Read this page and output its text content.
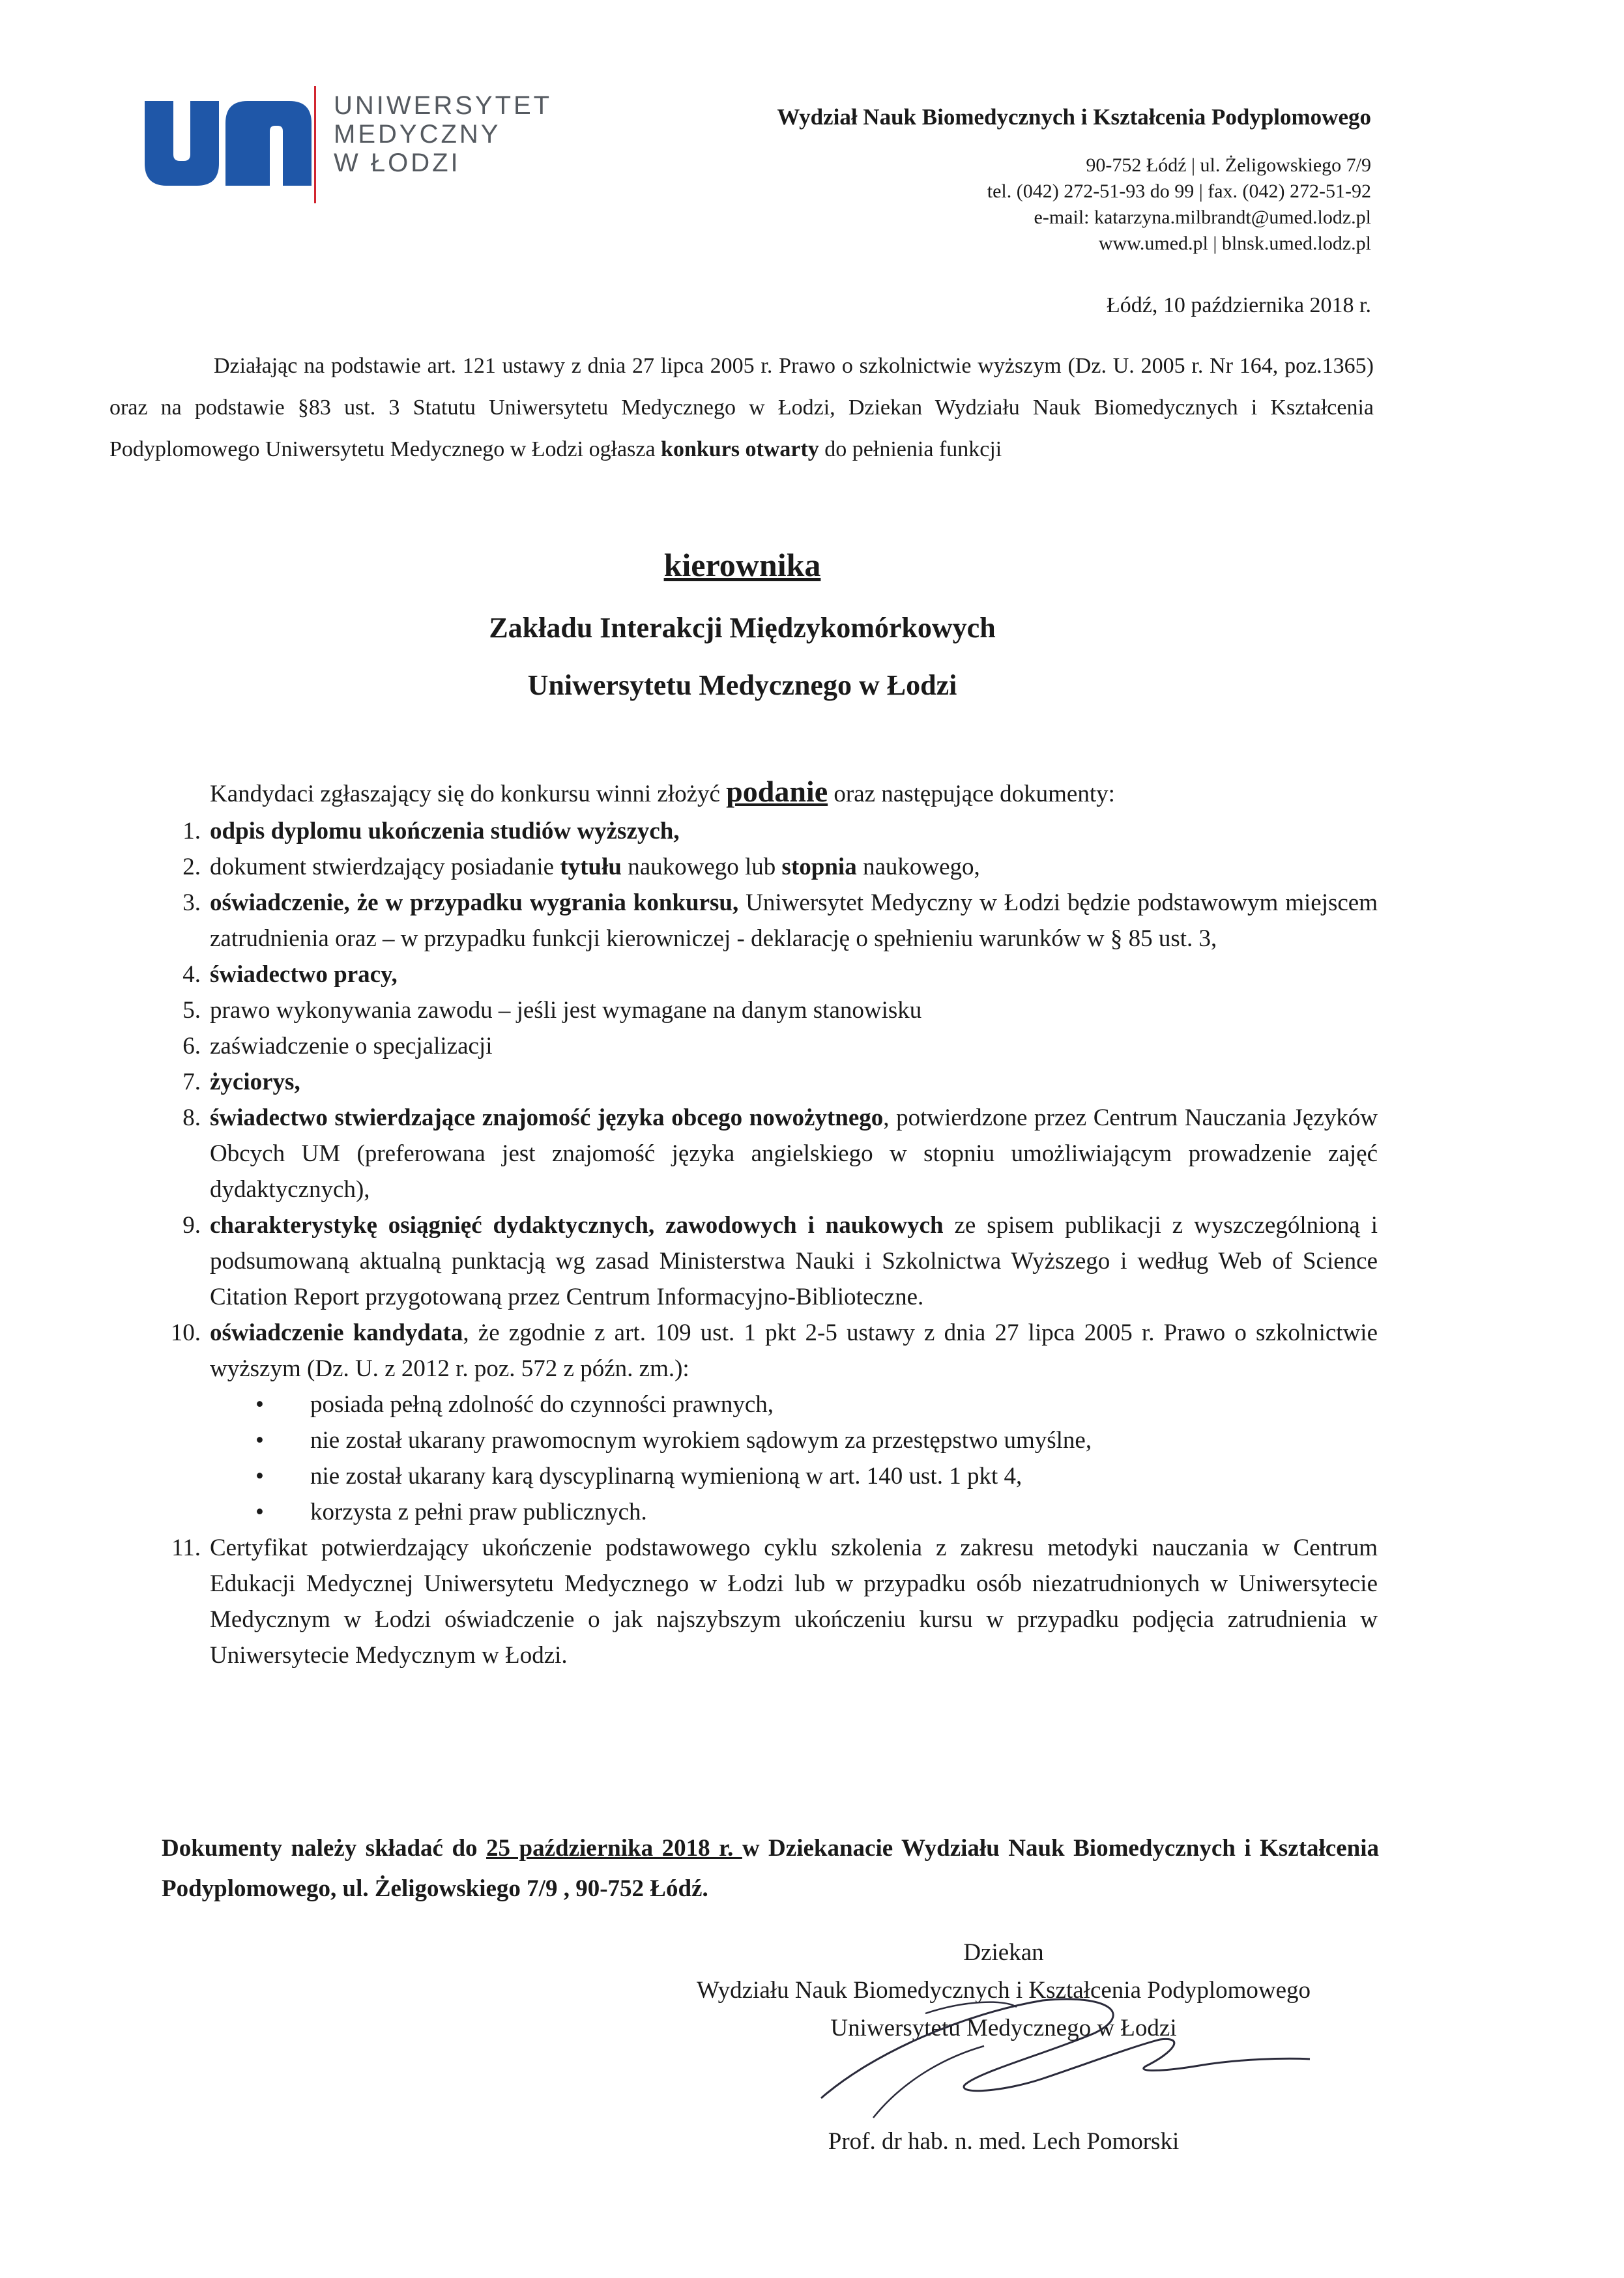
UNIWERSYTET
MEDYCZNY
W ŁODZI
Wydział Nauk Biomedycznych i Kształcenia Podyplomowego
90-752 Łódź | ul. Żeligowskiego 7/9
tel. (042) 272-51-93 do 99 | fax. (042) 272-51-92
e-mail: katarzyna.milbrandt@umed.lodz.pl
www.umed.pl | blnsk.umed.lodz.pl
Łódź, 10 października 2018 r.

Działając na podstawie art. 121 ustawy z dnia 27 lipca 2005 r. Prawo o szkolnictwie wyższym (Dz. U. 2005 r. Nr 164, poz.1365) oraz na podstawie §83 ust. 3 Statutu Uniwersytetu Medycznego w Łodzi, Dziekan Wydziału Nauk Biomedycznych i Kształcenia Podyplomowego Uniwersytetu Medycznego w Łodzi ogłasza konkurs otwarty do pełnienia funkcji

kierownika
Zakładu Interakcji Międzykomórkowych
Uniwersytetu Medycznego w Łodzi
Kandydaci zgłaszający się do konkursu winni złożyć podanie oraz następujące dokumenty:
1. odpis dyplomu ukończenia studiów wyższych,
2. dokument stwierdzający posiadanie tytułu naukowego lub stopnia naukowego,
3. oświadczenie, że w przypadku wygrania konkursu, Uniwersytet Medyczny w Łodzi będzie podstawowym miejscem zatrudnienia oraz – w przypadku funkcji kierowniczej - deklarację o spełnieniu warunków w § 85 ust. 3,
4. świadectwo pracy,
5. prawo wykonywania zawodu – jeśli jest wymagane na danym stanowisku
6. zaświadczenie o specjalizacji
7. życiorys,
8. świadectwo stwierdzające znajomość języka obcego nowożytnego, potwierdzone przez Centrum Nauczania Języków Obcych UM (preferowana jest znajomość języka angielskiego w stopniu umożliwiającym prowadzenie zajęć dydaktycznych),
9. charakterystykę osiągnięć dydaktycznych, zawodowych i naukowych ze spisem publikacji z wyszczególnioną i podsumowaną aktualną punktacją wg zasad Ministerstwa Nauki i Szkolnictwa Wyższego i według Web of Science Citation Report przygotowaną przez Centrum Informacyjno-Biblioteczne.
10. oświadczenie kandydata, że zgodnie z art. 109 ust. 1 pkt 2-5 ustawy z dnia 27 lipca 2005 r. Prawo o szkolnictwie wyższym (Dz. U. z 2012 r. poz. 572 z późn. zm.):
• posiada pełną zdolność do czynności prawnych,
• nie został ukarany prawomocnym wyrokiem sądowym za przestępstwo umyślne,
• nie został ukarany karą dyscyplinarną wymienioną w art. 140 ust. 1 pkt 4,
• korzysta z pełni praw publicznych.
11. Certyfikat potwierdzający ukończenie podstawowego cyklu szkolenia z zakresu metodyki nauczania w Centrum Edukacji Medycznej Uniwersytetu Medycznego w Łodzi lub w przypadku osób niezatrudnionych w Uniwersytecie Medycznym w Łodzi oświadczenie o jak najszybszym ukończeniu kursu w przypadku podjęcia zatrudnienia w Uniwersytecie Medycznym w Łodzi.
Dokumenty należy składać do 25 października 2018 r. w Dziekanacie Wydziału Nauk Biomedycznych i Kształcenia Podyplomowego, ul. Żeligowskiego 7/9 , 90-752 Łódź.
Dziekan
Wydziału Nauk Biomedycznych i Kształcenia Podyplomowego
Uniwersytetu Medycznego w Łodzi
Prof. dr hab. n. med. Lech Pomorski
